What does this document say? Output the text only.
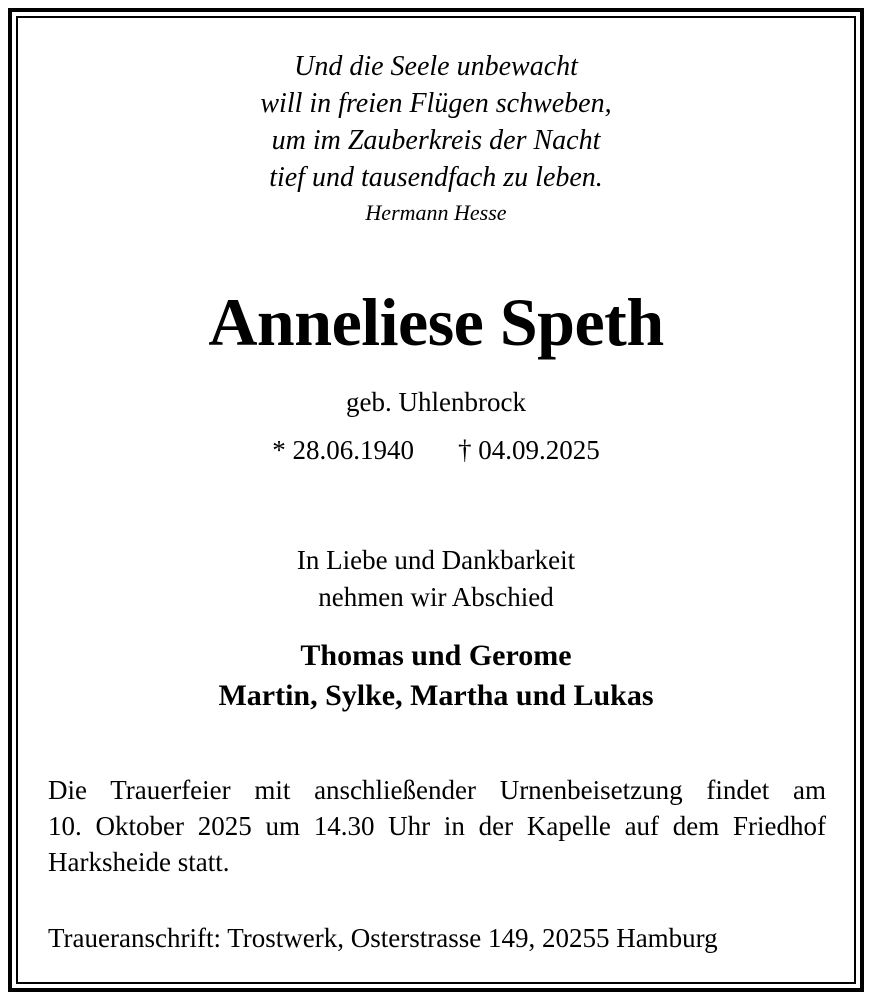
Und die Seele unbewacht
will in freien Flügen schweben,
um im Zauberkreis der Nacht
tief und tausendfach zu leben.
Hermann Hesse
Anneliese Speth
geb. Uhlenbrock
* 28.06.1940 † 04.09.2025
In Liebe und Dankbarkeit
nehmen wir Abschied
Thomas und Gerome
Martin, Sylke, Martha und Lukas
Die Trauerfeier mit anschließender Urnenbeisetzung findet am
10. Oktober 2025 um 14.30 Uhr in der Kapelle auf dem Friedhof
Harksheide statt.
Traueranschrift: Trostwerk, Osterstrasse 149, 20255 Hamburg
